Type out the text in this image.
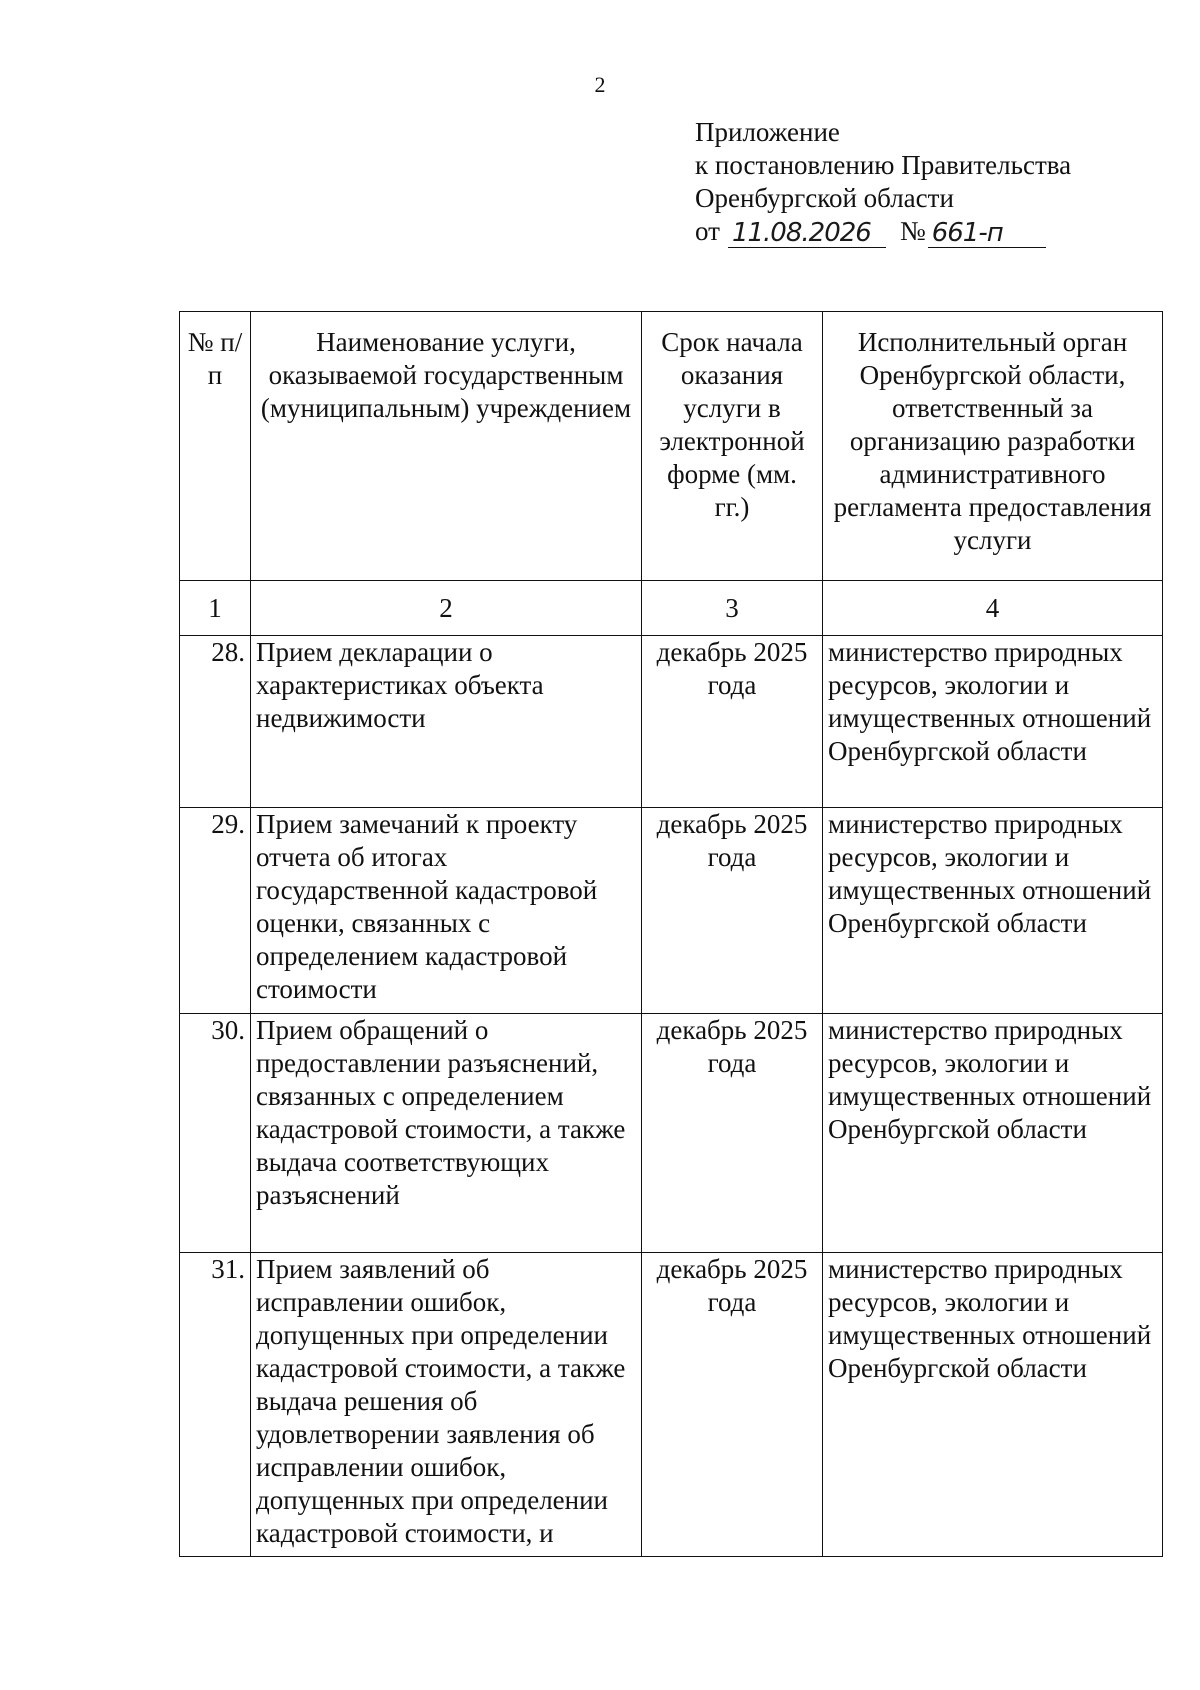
2
Приложение
к постановлению Правительства
Оренбургской области
от 11.08.2026	№ 661-п
№ п/п	Наименование услуги, оказываемой государственным (муниципальным) учреждением	Срок начала оказания услуги в электронной форме (мм. гг.)	Исполнительный орган Оренбургской области, ответственный за организацию разработки административного регламента предоставления услуги
1	2	3	4
28.	Прием декларации о характеристиках объекта недвижимости	декабрь 2025 года	министерство природных ресурсов, экологии и имущественных отношений Оренбургской области
29.	Прием замечаний к проекту отчета об итогах государственной кадастровой оценки, связанных с определением кадастровой стоимости	декабрь 2025 года	министерство природных ресурсов, экологии и имущественных отношений Оренбургской области
30.	Прием обращений о предоставлении разъяснений, связанных с определением кадастровой стоимости, а также выдача соответствующих разъяснений	декабрь 2025 года	министерство природных ресурсов, экологии и имущественных отношений Оренбургской области
31.	Прием заявлений об исправлении ошибок, допущенных при определении кадастровой стоимости, а также выдача решения об удовлетворении заявления об исправлении ошибок, допущенных при определении кадастровой стоимости, и	декабрь 2025 года	министерство природных ресурсов, экологии и имущественных отношений Оренбургской области
